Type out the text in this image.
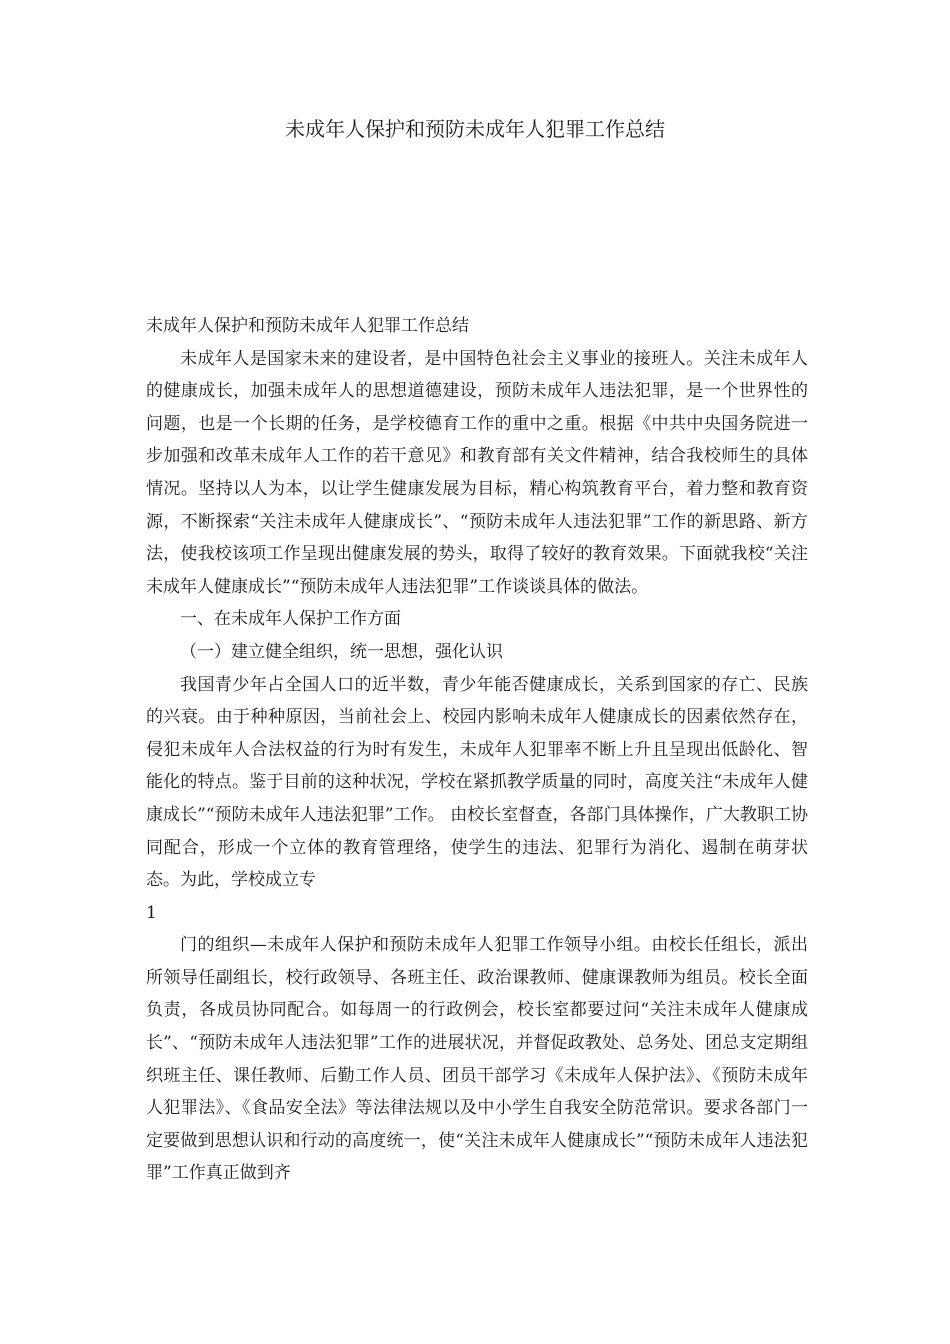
未成年人保护和预防未成年人犯罪工作总结

未成年人保护和预防未成年人犯罪工作总结

未成年人是国家未来的建设者，是中国特色社会主义事业的接班人。关注未成年人的健康成长，加强未成年人的思想道德建设，预防未成年人违法犯罪，是一个世界性的问题，也是一个长期的任务，是学校德育工作的重中之重。根据《中共中央国务院进一步加强和改革未成年人工作的若干意见》和教育部有关文件精神，结合我校师生的具体情况。坚持以人为本，以让学生健康发展为目标，精心构筑教育平台，着力整和教育资源，不断探索“关注未成年人健康成长”、“预防未成年人违法犯罪”工作的新思路、新方法，使我校该项工作呈现出健康发展的势头，取得了较好的教育效果。下面就我校“关注未成年人健康成长”“预防未成年人违法犯罪”工作谈谈具体的做法。

一、在未成年人保护工作方面

（一）建立健全组织，统一思想，强化认识

我国青少年占全国人口的近半数，青少年能否健康成长，关系到国家的存亡、民族的兴衰。由于种种原因，当前社会上、校园内影响未成年人健康成长的因素依然存在，侵犯未成年人合法权益的行为时有发生，未成年人犯罪率不断上升且呈现出低龄化、智能化的特点。鉴于目前的这种状况，学校在紧抓教学质量的同时，高度关注“未成年人健康成长”“预防未成年人违法犯罪”工作。 由校长室督查，各部门具体操作，广大教职工协同配合，形成一个立体的教育管理络，使学生的违法、犯罪行为消化、遏制在萌芽状态。为此，学校成立专

1

门的组织—未成年人保护和预防未成年人犯罪工作领导小组。由校长任组长，派出所领导任副组长，校行政领导、各班主任、政治课教师、健康课教师为组员。校长全面负责，各成员协同配合。如每周一的行政例会，校长室都要过问“关注未成年人健康成长”、“预防未成年人违法犯罪”工作的进展状况，并督促政教处、总务处、团总支定期组织班主任、课任教师、后勤工作人员、团员干部学习《未成年人保护法》、《预防未成年人犯罪法》、《食品安全法》等法律法规以及中小学生自我安全防范常识。要求各部门一定要做到思想认识和行动的高度统一，使“关注未成年人健康成长”“预防未成年人违法犯罪”工作真正做到齐
